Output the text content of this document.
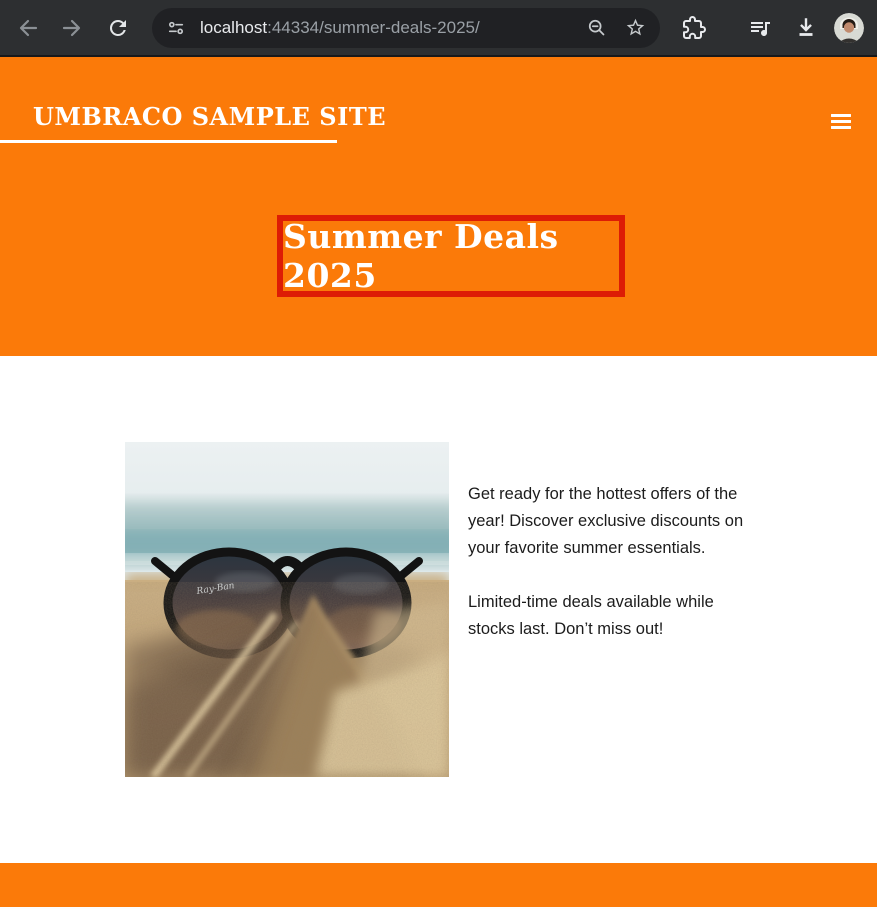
localhost:44334/summer-deals-2025/
UMBRACO SAMPLE SITE
Summer Deals 2025

Get ready for the hottest offers of the year! Discover exclusive discounts on your favorite summer essentials.

Limited-time deals available while stocks last. Don’t miss out!
